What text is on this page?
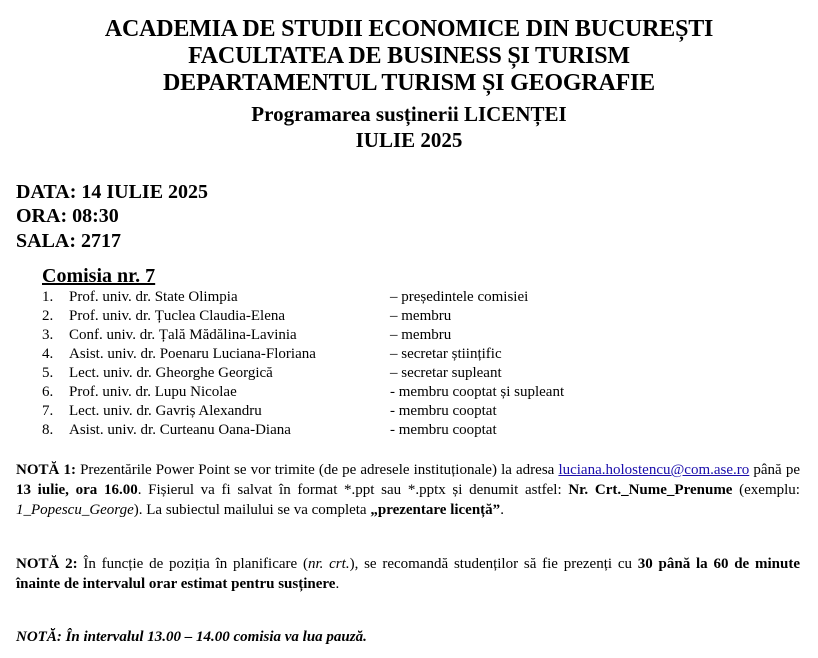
ACADEMIA DE STUDII ECONOMICE DIN BUCUREȘTI
FACULTATEA DE BUSINESS ȘI TURISM
DEPARTAMENTUL TURISM ȘI GEOGRAFIE
Programarea susținerii LICENȚEI
IULIE 2025
DATA: 14 IULIE 2025
ORA: 08:30
SALA: 2717
Comisia nr. 7
1. Prof. univ. dr. State Olimpia	– președintele comisiei
2. Prof. univ. dr. Țuclea Claudia-Elena	– membru
3. Conf. univ. dr. Țală Mădălina-Lavinia	– membru
4. Asist. univ. dr. Poenaru Luciana-Floriana	– secretar științific
5. Lect. univ. dr. Gheorghe Georgică	– secretar supleant
6. Prof. univ. dr. Lupu Nicolae	- membru cooptat și supleant
7. Lect. univ. dr. Gavriș Alexandru	- membru cooptat
8. Asist. univ. dr. Curteanu Oana-Diana	- membru cooptat
NOTĂ 1: Prezentările Power Point se vor trimite (de pe adresele instituționale) la adresa luciana.holostencu@com.ase.ro până pe 13 iulie, ora 16.00. Fișierul va fi salvat în format *.ppt sau *.pptx și denumit astfel: Nr. Crt._Nume_Prenume (exemplu: 1_Popescu_George). La subiectul mailului se va completa „prezentare licență”.
NOTĂ 2: În funcție de poziția în planificare (nr. crt.), se recomandă studenților să fie prezenți cu 30 până la 60 de minute înainte de intervalul orar estimat pentru susținere.
NOTĂ: În intervalul 13.00 – 14.00 comisia va lua pauză.
